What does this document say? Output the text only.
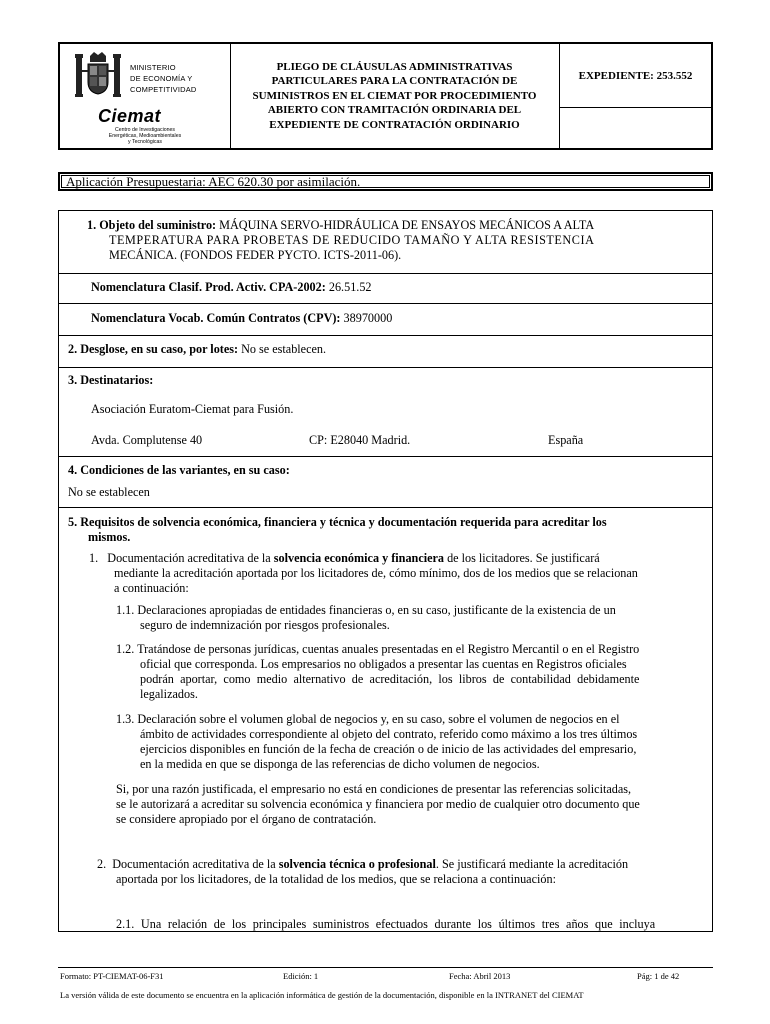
MINISTERIO
DE ECONOMÍA Y
COMPETITIVIDAD
Ciemat
Centro de Investigaciones
Energéticas, Medioambientales
y Tecnológicas
PLIEGO DE CLÁUSULAS ADMINISTRATIVAS PARTICULARES PARA LA CONTRATACIÓN DE SUMINISTROS EN EL CIEMAT POR PROCEDIMIENTO ABIERTO CON TRAMITACIÓN ORDINARIA DEL EXPEDIENTE DE CONTRATACIÓN ORDINARIO
EXPEDIENTE: 253.552
Aplicación Presupuestaria: AEC 620.30 por asimilación.
1. Objeto del suministro: MÁQUINA SERVO-HIDRÁULICA DE ENSAYOS MECÁNICOS A ALTA
TEMPERATURA PARA PROBETAS DE REDUCIDO TAMAÑO Y ALTA RESISTENCIA
MECÁNICA. (FONDOS FEDER PYCTO. ICTS-2011-06).
Nomenclatura Clasif. Prod. Activ. CPA-2002: 26.51.52
Nomenclatura Vocab. Común Contratos (CPV): 38970000
2. Desglose, en su caso, por lotes: No se establecen.
3. Destinatarios:
Asociación Euratom-Ciemat para Fusión.
Avda. Complutense 40	CP: E28040 Madrid.	España
4. Condiciones de las variantes, en su caso:
No se establecen
5. Requisitos de solvencia económica, financiera y técnica y documentación requerida para acreditar los
mismos.
1. Documentación acreditativa de la solvencia económica y financiera de los licitadores. Se justificará
mediante la acreditación aportada por los licitadores de, cómo mínimo, dos de los medios que se relacionan
a continuación:
1.1. Declaraciones apropiadas de entidades financieras o, en su caso, justificante de la existencia de un
seguro de indemnización por riesgos profesionales.
1.2. Tratándose de personas jurídicas, cuentas anuales presentadas en el Registro Mercantil o en el Registro
oficial que corresponda. Los empresarios no obligados a presentar las cuentas en Registros oficiales
podrán aportar, como medio alternativo de acreditación, los libros de contabilidad debidamente
legalizados.
1.3. Declaración sobre el volumen global de negocios y, en su caso, sobre el volumen de negocios en el
ámbito de actividades correspondiente al objeto del contrato, referido como máximo a los tres últimos
ejercicios disponibles en función de la fecha de creación o de inicio de las actividades del empresario,
en la medida en que se disponga de las referencias de dicho volumen de negocios.
Si, por una razón justificada, el empresario no está en condiciones de presentar las referencias solicitadas,
se le autorizará a acreditar su solvencia económica y financiera por medio de cualquier otro documento que
se considere apropiado por el órgano de contratación.
2. Documentación acreditativa de la solvencia técnica o profesional. Se justificará mediante la acreditación
aportada por los licitadores, de la totalidad de los medios, que se relaciona a continuación:
2.1. Una relación de los principales suministros efectuados durante los últimos tres años que incluya
Formato: PT-CIEMAT-06-F31	Edición: 1	Fecha: Abril 2013	Pág: 1 de 42
La versión válida de este documento se encuentra en la aplicación informática de gestión de la documentación, disponible en la INTRANET del CIEMAT
